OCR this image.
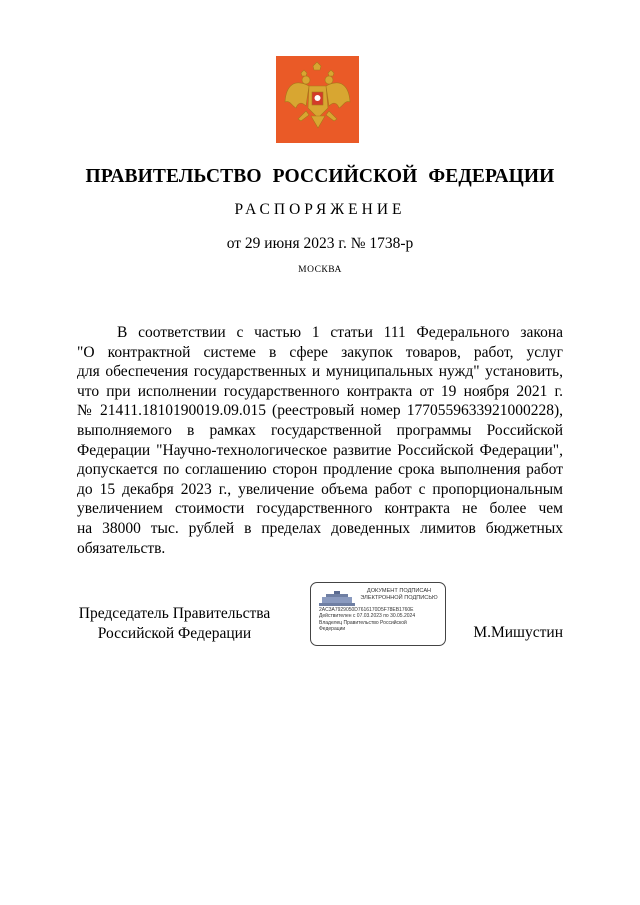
ПРАВИТЕЛЬСТВО РОССИЙСКОЙ ФЕДЕРАЦИИ
РАСПОРЯЖЕНИЕ
от 29 июня 2023 г. № 1738-р
МОСКВА
В соответствии с частью 1 статьи 111 Федерального закона
"О контрактной системе в сфере закупок товаров, работ, услуг
для обеспечения государственных и муниципальных нужд" установить,
что при исполнении государственного контракта от 19 ноября 2021 г.
№ 21411.1810190019.09.015 (реестровый номер 1770559633921000228),
выполняемого в рамках государственной программы Российской
Федерации "Научно-технологическое развитие Российской Федерации",
допускается по соглашению сторон продление срока выполнения работ
до 15 декабря 2023 г., увеличение объема работ с пропорциональным
увеличением стоимости государственного контракта не более чем
на 38000 тыс. рублей в пределах доведенных лимитов бюджетных
обязательств.
Председатель Правительства
Российской Федерации
ДОКУМЕНТ ПОДПИСАН
ЭЛЕКТРОННОЙ ПОДПИСЬЮ
2AC3A7929050D7616170D5F78EB1760E
Действителен с 07.03.2023 по 30.05.2024
Владелец Правительство Российской
Федерации	М.Мишустин
